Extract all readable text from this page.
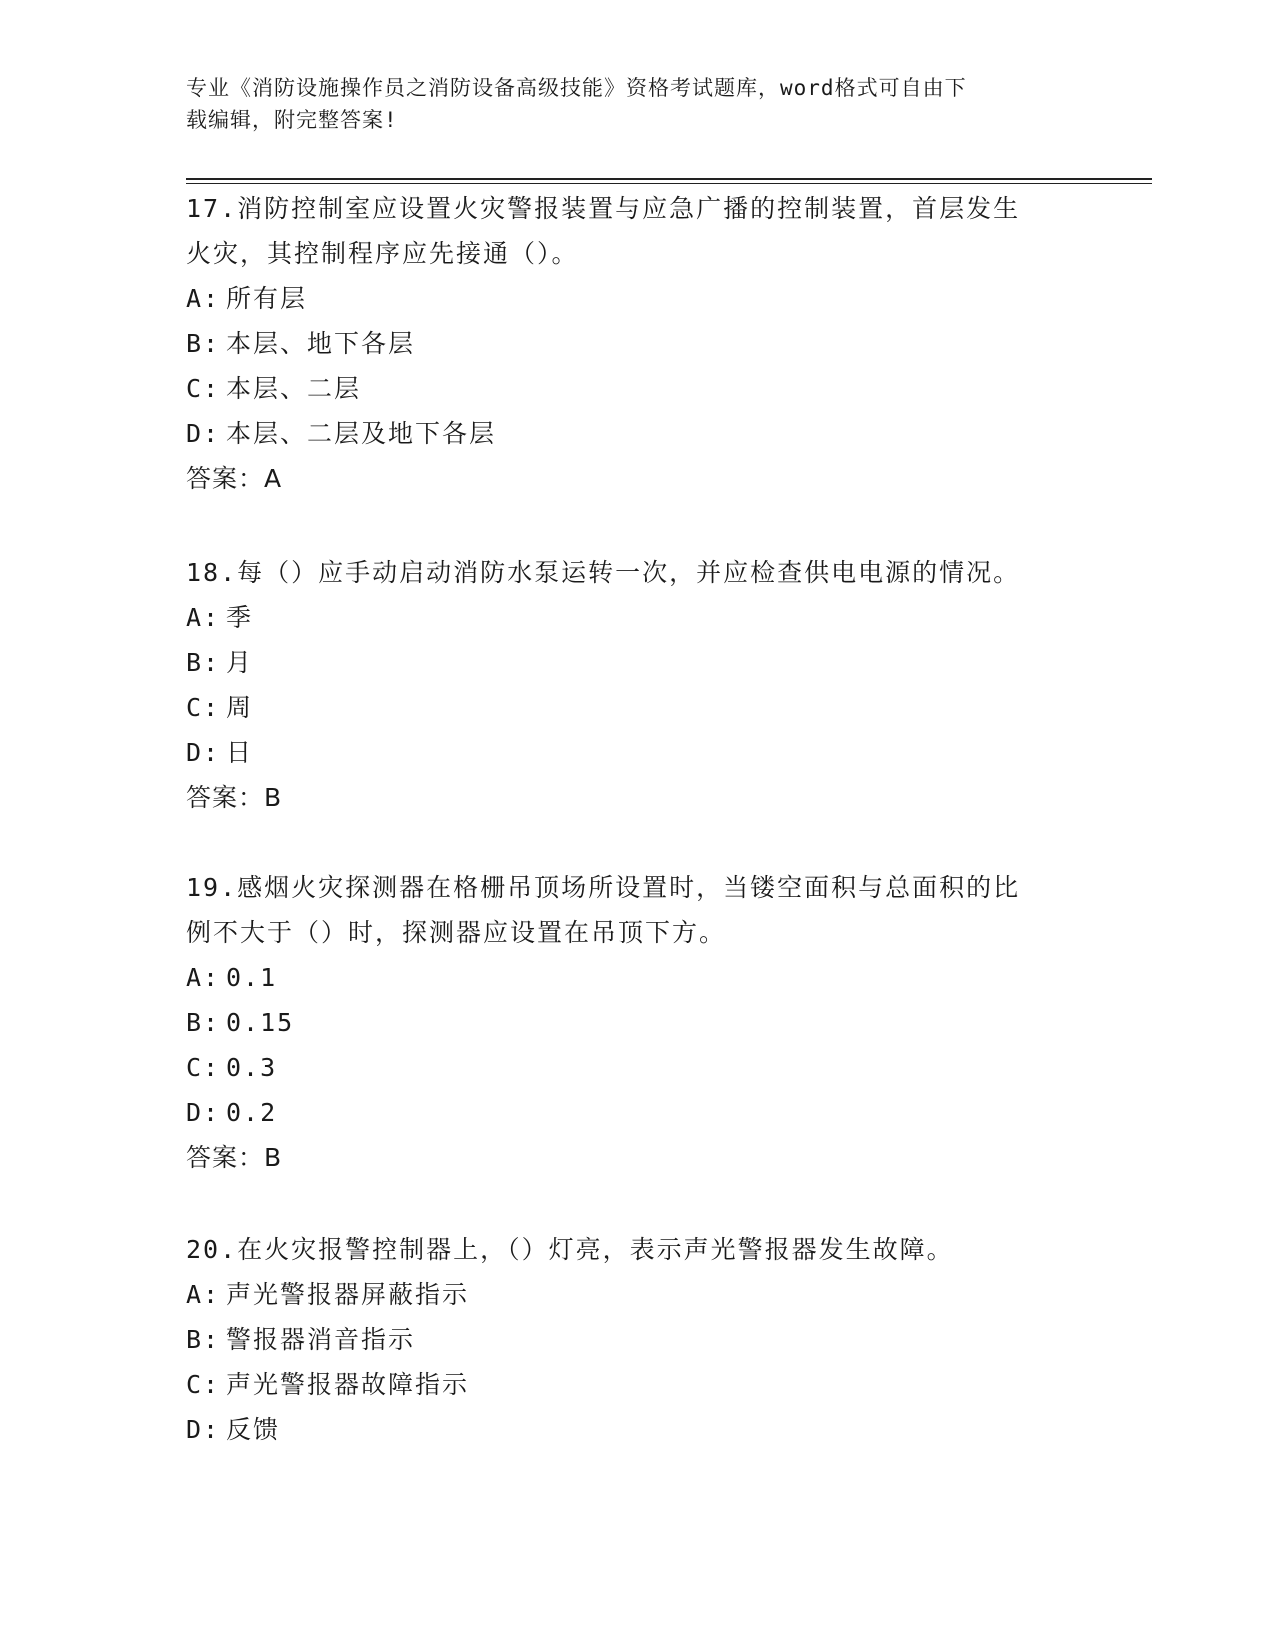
专业《消防设施操作员之消防设备高级技能》资格考试题库，word格式可自由下
载编辑，附完整答案!

17.消防控制室应设置火灾警报装置与应急广播的控制装置，首层发生

火灾，其控制程序应先接通（）。

A: 所有层

B: 本层、地下各层

C: 本层、二层

D: 本层、二层及地下各层

答案：A

18.每（）应手动启动消防水泵运转一次，并应检查供电电源的情况。

A: 季

B: 月

C: 周

D: 日

答案：B

19.感烟火灾探测器在格栅吊顶场所设置时，当镂空面积与总面积的比

例不大于（）时，探测器应设置在吊顶下方。

A: 0.1

B: 0.15

C: 0.3

D: 0.2

答案：B

20.在火灾报警控制器上，（）灯亮，表示声光警报器发生故障。

A: 声光警报器屏蔽指示

B: 警报器消音指示

C: 声光警报器故障指示

D: 反馈
